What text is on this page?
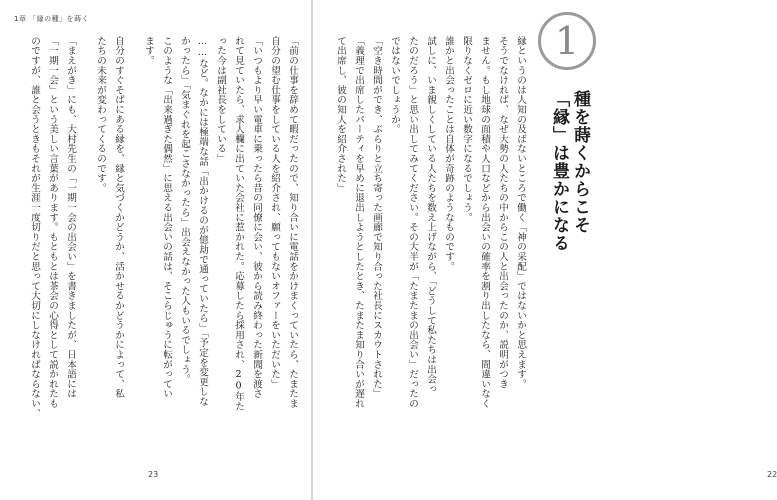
1章 「縁の種」を蒔く

「前の仕事を辞めて暇だったので、知り合いに電話をかけまくっていたら、たまたま

自分の望む仕事をしている人を紹介され、願ってもないオファーをいただいた」

「いつもより早い電車に乗ったら昔の同僚に会い、彼から読み終わった新聞を渡さ

れて見ていたら、求人欄に出ていた会社に惹かれた。応募したら採用され、20年た

った今は副社長をしている」

……など。なかには極端な話「出かけるのが億劫で通っていたら」「予定を変更しな

かったら」「気まぐれを起こさなかったら」出会えなかった人もいるでしょう。

このような「出来過ぎた偶然」に思える出会いの話は、そこらじゅうに転がってい

ます。

自分のすぐそばにある縁を、縁と気づくかどうか、活かせるかどうかによって、私

たちの未来が変わってくるのです。

「まえがき」にも、大村先生の「一期一会の出会い」を書きましたが、日本語には

「一期一会」という美しい言葉があります。もともとは茶会の心得として説かれたも

のですが、誰と会うときもそれが生涯一度切りだと思って大切にしなければならない、

23

縁というのは人知の及ばないところで働く「神の采配」ではないかと思えます。

そうでなければ、なぜ大勢の人たちの中からこの人と出会ったのか、説明がつき

ません。もし地球の面積や人口などから出会いの確率を割り出したなら、間違いなく

限りなくゼロに近い数字になるでしょう。

誰かと出会ったことは自体が奇跡のようなものです。

試しに、いま親しくしている人たちを数え上げながら、「どうして私たちは出会っ

たのだろう」と思い出してみてください。その大半が「たまたまの出会い」だったの

ではないでしょうか。

「空き時間ができ、ぶらりと立ち寄った画廊で知り合った社長にスカウトされた」

「義理で出席したパーティを早めに退出しようとしたとき、たまたま知り合いが遅れ

て出席し、彼の知人を紹介された」

22
1
種を蒔くからこそ
「縁」は豊かになる
